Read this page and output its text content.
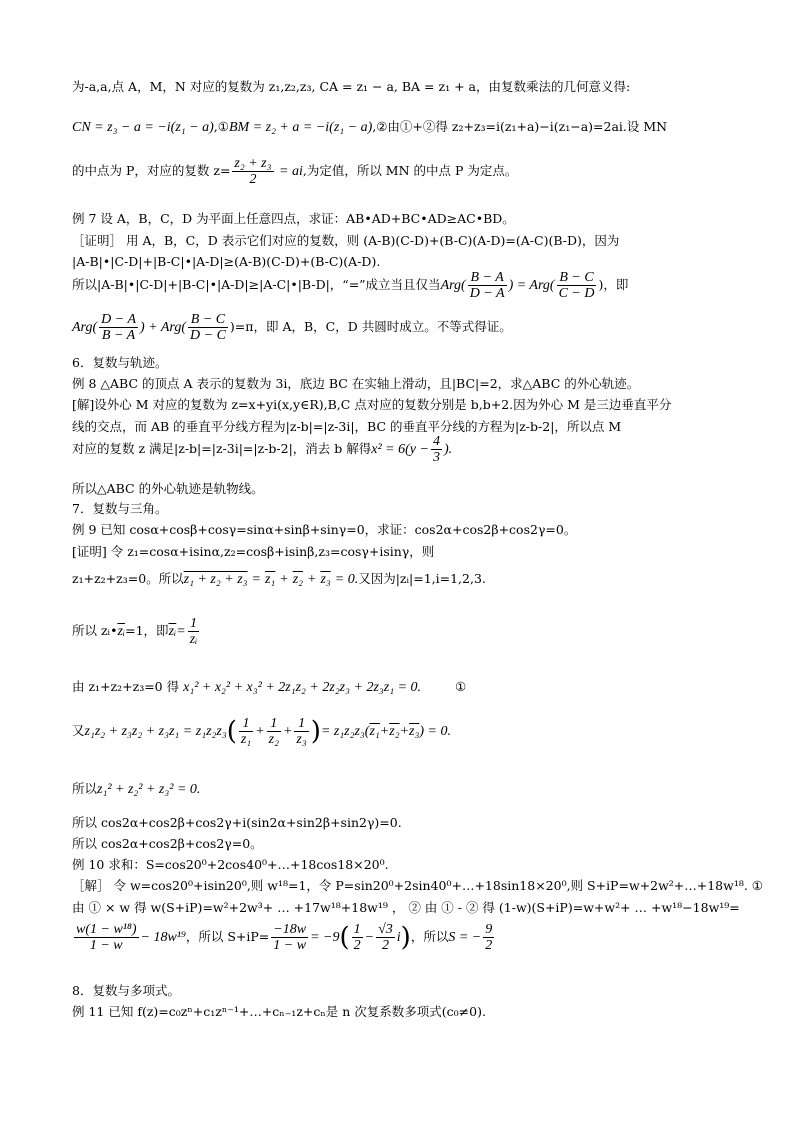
为-a,a,点 A，M，N 对应的复数为 z₁,z₂,z₃, CA = z₁ − a, BA = z₁ + a，由复数乘法的几何意义得:
CN = z₃ − a = −i(z₁ − a),①BM = z₂ + a = −i(z₁ − a),②由①+②得 z₂+z₃=i(z₁+a)−i(z₁−a)=2ai.设 MN
的中点为 P，对应的复数 $z= \frac{\text{z₂ + z₃}}{2}$ = ai,为定值，所以 MN 的中点 P 为定点。
例 7 设 A，B，C，D 为平面上任意四点，求证：AB•AD+BC•AD≥AC•BD。
［证明］ 用 A，B，C，D 表示它们对应的复数，则 (A-B)(C-D)+(B-C)(A-D)=(A-C)(B-D)，因为
|A-B|•|C-D|+|B-C|•|A-D|≥(A-B)(C-D)+(B-C)(A-D).
所以|A-B|•|C-D|+|B-C|•|A-D|≥|A-C|•|B-D|，“=”成立当且仅当$Arg( \frac{B - A}{D - A}$ ) = $Arg( \frac{B - C}{C - D}$ )，即
$Arg( \frac{D - A}{B - A}$ ) + $Arg( \frac{B - C}{D - C} )=\pi$，即 A，B，C，D 共圆时成立。不等式得证。
6．复数与轨迹。
例 8 △ABC 的顶点 A 表示的复数为 3i，底边 BC 在实轴上滑动，且|BC|=2，求△ABC 的外心轨迹。
[解]设外心 M 对应的复数为 z=x+yi(x,y∈R),B,C 点对应的复数分别是 b,b+2.因为外心 M 是三边垂直平分
线的交点，而 AB 的垂直平分线方程为|z-b|=|z-3i|，BC 的垂直平分线的方程为|z-b-2|，所以点 M
对应的复数 z 满足|z-b|=|z-3i|=|z-b-2|，消去 b 解得$x^2 = 6(y - \frac{4}{3}$ ).
所以△ABC 的外心轨迹是轨物线。
7．复数与三角。
例 9 已知 cosα+cosβ+cosγ=sinα+sinβ+sinγ=0，求证：cos2α+cos2β+cos2γ=0。
[证明] 令 z₁=cosα+isinα,z₂=cosβ+isinβ,z₃=cosγ+isinγ，则
z₁+z₂+z₃=0。所以z₁ + z₂ + z₃ = z₁ + z₂ + z₃ = 0.又因为|zᵢ|=1,i=1,2,3.
所以 $zᵢ•\overline{zᵢ}=1$，即$\overline{zᵢ}= \frac{1}{\text{zᵢ}}$
由 z₁+z₂+z₃=0 得 x₁² + x₂² + x₃² + 2z₁z₂ + 2z₂z₃ + 2z₃z₁ = 0.	①
又$z_1z_2 + z_3z_2 + z_3z_1 = z_1z_2z_3( \frac{1}{\text{z₁}} + \frac{1}{\text{z₂}} + \frac{1}{\text{z₃}}$ )= z₁z₂z₃(z₁+z₂+z₃) = 0.
所以z₁² + z₂² + z₃² = 0.
所以 cos2α+cos2β+cos2γ+i(sin2α+sin2β+sin2γ)=0.
所以 cos2α+cos2β+cos2γ=0。
例 10 求和：S=cos20⁰+2cos40⁰+…+18cos18×20⁰.
［解］ 令 w=cos20⁰+isin20⁰,则 w¹⁸=1，令 P=sin20⁰+2sin40⁰+…+18sin18×20⁰,则 S+iP=w+2w²+…+18w¹⁸. ①
由 ① × w 得 w(S+iP)=w²+2w³+ … +17w¹⁸+18w¹⁹ ， ② 由 ① - ② 得 (1-w)(S+iP)=w+w²+ … +w¹⁸−18w¹⁹=
$\frac{\text{w(1 − w¹⁸)}}{1 - w} - 18w^{19}$，所以 $S+iP= \frac{-18w}{1 - w} = -9( \frac{1}{2} - \frac{√3}{2} i)$，所以S = − $\frac{9}{2}$
8．复数与多项式。
例 11 已知 f(z)=c₀zⁿ+c₁zⁿ⁻¹+…+cₙ₋₁z+cₙ是 n 次复系数多项式(c₀≠0).
